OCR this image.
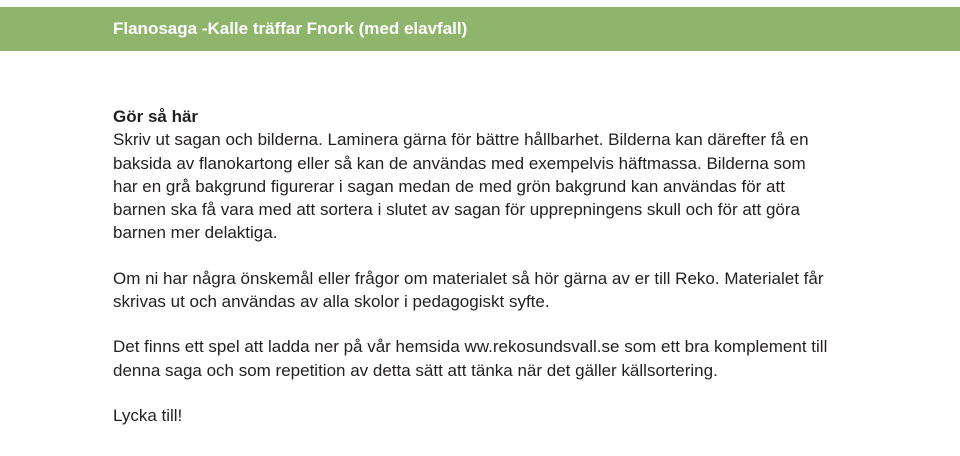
Flanosaga -Kalle träffar Fnork (med elavfall)

Gör så här

Skriv ut sagan och bilderna. Laminera gärna för bättre hållbarhet. Bilderna kan därefter få en baksida av flanokartong eller så kan de användas med exempelvis häftmassa. Bilderna som har en grå bakgrund figurerar i sagan medan de med grön bakgrund kan användas för att barnen ska få vara med att sortera i slutet av sagan för upprepningens skull och för att göra barnen mer delaktiga.

Om ni har några önskemål eller frågor om materialet så hör gärna av er till Reko. Materialet får skrivas ut och användas av alla skolor i pedagogiskt syfte.

Det finns ett spel att ladda ner på vår hemsida ww.rekosundsvall.se som ett bra komplement till denna saga och som repetition av detta sätt att tänka när det gäller källsortering.

Lycka till!
